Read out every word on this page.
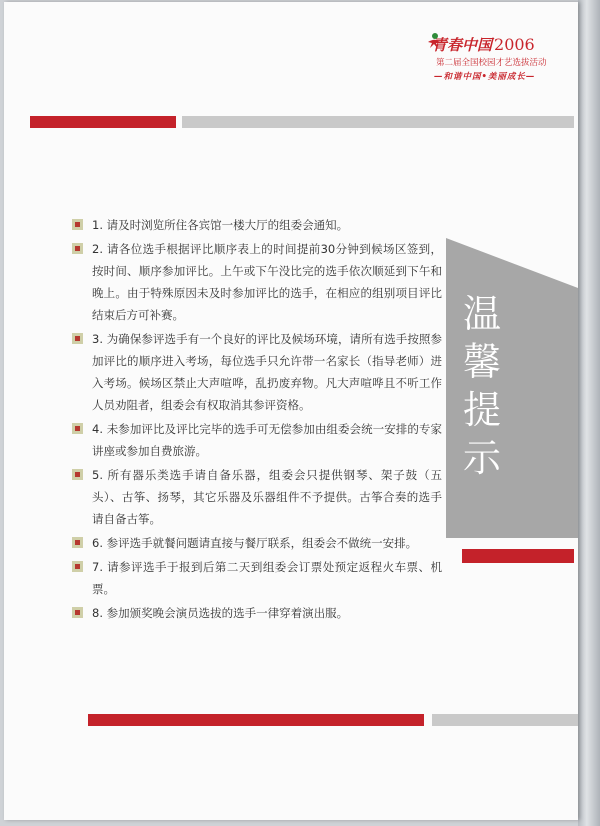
青春中国 2006
第二届全国校园才艺选拔活动
—和谐中国•美丽成长—
温
馨
提
示
1. 请及时浏览所住各宾馆一楼大厅的组委会通知。
2. 请各位选手根据评比顺序表上的时间提前30分钟到候场区签到，按时间、顺序参加评比。上午或下午没比完的选手依次顺延到下午和晚上。由于特殊原因未及时参加评比的选手，在相应的组别项目评比结束后方可补赛。
3. 为确保参评选手有一个良好的评比及候场环境，请所有选手按照参加评比的顺序进入考场，每位选手只允许带一名家长（指导老师）进入考场。候场区禁止大声喧哗，乱扔废弃物。凡大声喧哗且不听工作人员劝阻者，组委会有权取消其参评资格。
4. 未参加评比及评比完毕的选手可无偿参加由组委会统一安排的专家讲座或参加自费旅游。
5. 所有器乐类选手请自备乐器，组委会只提供钢琴、架子鼓（五头）、古筝、扬琴，其它乐器及乐器组件不予提供。古筝合奏的选手请自备古筝。
6. 参评选手就餐问题请直接与餐厅联系，组委会不做统一安排。
7. 请参评选手于报到后第二天到组委会订票处预定返程火车票、机票。
8. 参加颁奖晚会演员选拔的选手一律穿着演出服。
